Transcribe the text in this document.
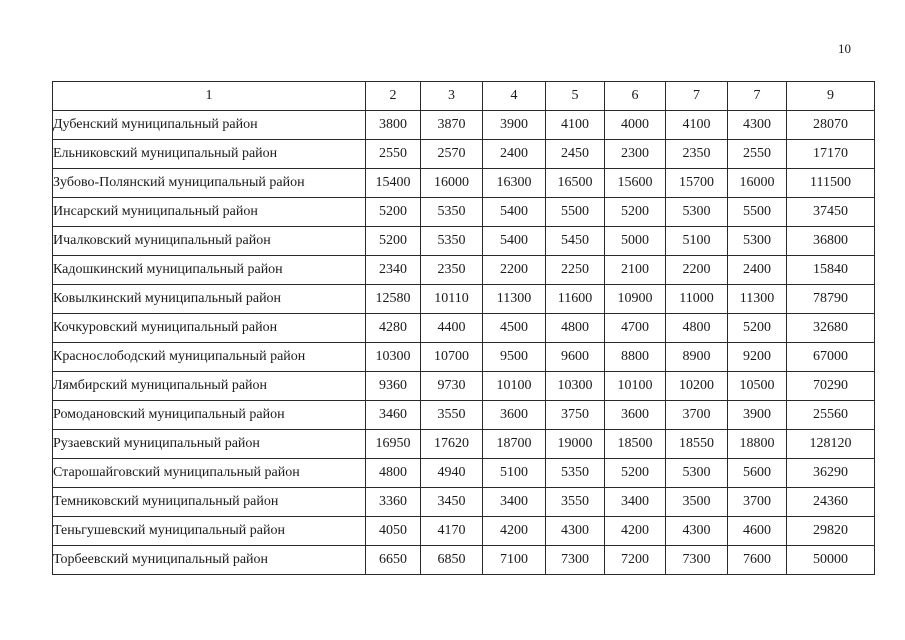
10
1	2	3	4	5	6	7	7	9
Дубенский муниципальный район	3800	3870	3900	4100	4000	4100	4300	28070
Ельниковский муниципальный район	2550	2570	2400	2450	2300	2350	2550	17170
Зубово-Полянский муниципальный район	15400	16000	16300	16500	15600	15700	16000	111500
Инсарский муниципальный район	5200	5350	5400	5500	5200	5300	5500	37450
Ичалковский муниципальный район	5200	5350	5400	5450	5000	5100	5300	36800
Кадошкинский муниципальный район	2340	2350	2200	2250	2100	2200	2400	15840
Ковылкинский муниципальный район	12580	10110	11300	11600	10900	11000	11300	78790
Кочкуровский муниципальный район	4280	4400	4500	4800	4700	4800	5200	32680
Краснослободский муниципальный район	10300	10700	9500	9600	8800	8900	9200	67000
Лямбирский муниципальный район	9360	9730	10100	10300	10100	10200	10500	70290
Ромодановский муниципальный район	3460	3550	3600	3750	3600	3700	3900	25560
Рузаевский муниципальный район	16950	17620	18700	19000	18500	18550	18800	128120
Старошайговский муниципальный район	4800	4940	5100	5350	5200	5300	5600	36290
Темниковский муниципальный район	3360	3450	3400	3550	3400	3500	3700	24360
Теньгушевский муниципальный район	4050	4170	4200	4300	4200	4300	4600	29820
Торбеевский муниципальный район	6650	6850	7100	7300	7200	7300	7600	50000
